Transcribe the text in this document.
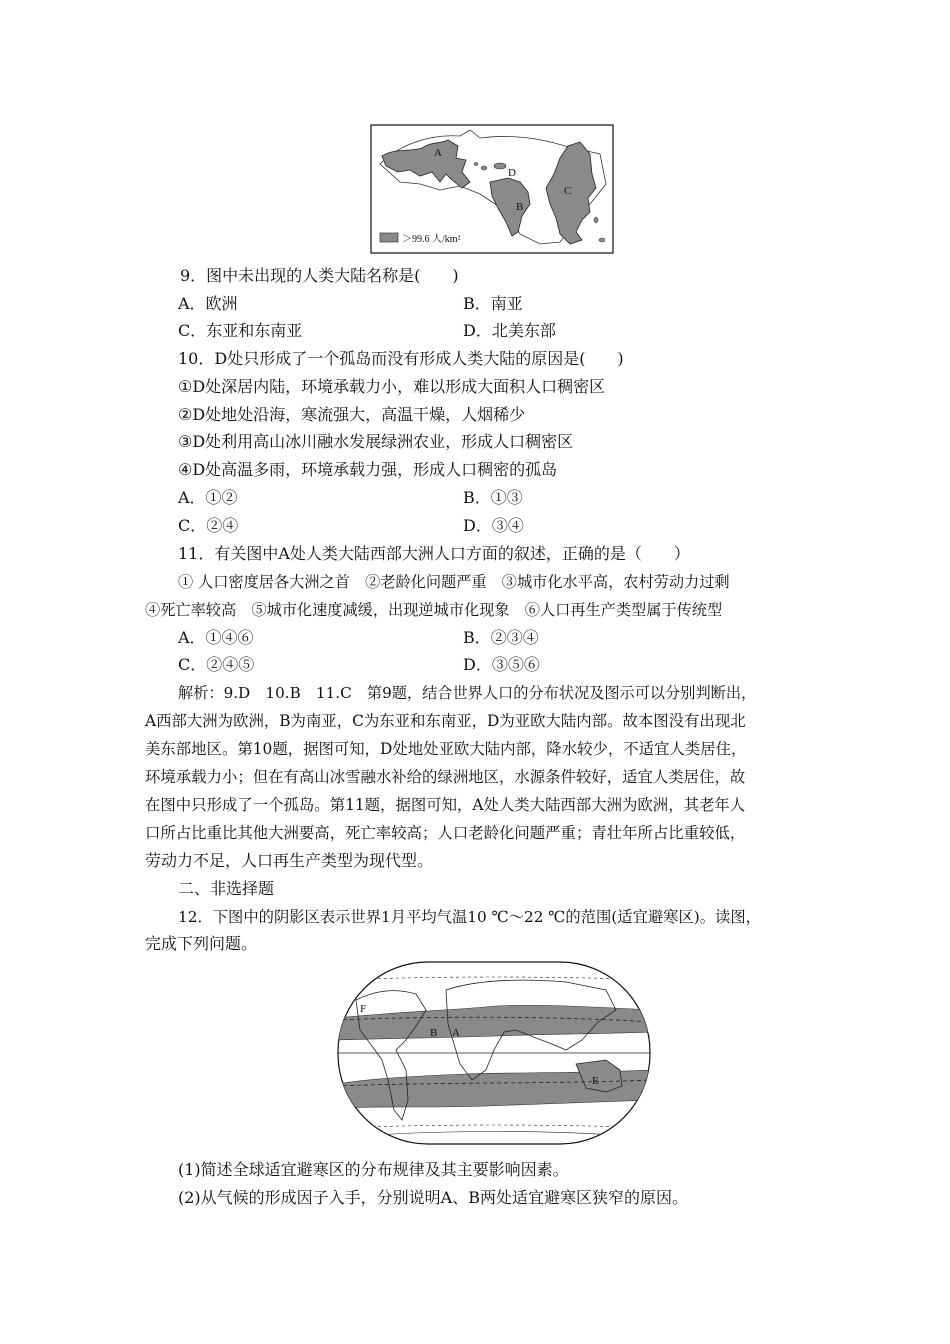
A
D
B
C
＞99.6 人/km²
9．图中未出现的人类大陆名称是(　　)
A．欧洲	B．南亚
C．东亚和东南亚	D．北美东部
10．D处只形成了一个孤岛而没有形成人类大陆的原因是(　　)
①D处深居内陆，环境承载力小，难以形成大面积人口稠密区
②D处地处沿海，寒流强大，高温干燥，人烟稀少
③D处利用高山冰川融水发展绿洲农业，形成人口稠密区
④D处高温多雨，环境承载力强，形成人口稠密的孤岛
A．①②	B．①③
C．②④	D．③④
11．有关图中A处人类大陆西部大洲人口方面的叙述，正确的是（　　）
① 人口密度居各大洲之首　②老龄化问题严重　③城市化水平高，农村劳动力过剩
④死亡率较高　⑤城市化速度减缓，出现逆城市化现象　⑥人口再生产类型属于传统型
A．①④⑥	B．②③④
C．②④⑤	D．③⑤⑥
解析：9.D　10.B　11.C　第9题，结合世界人口的分布状况及图示可以分别判断出，
A西部大洲为欧洲，B为南亚，C为东亚和东南亚，D为亚欧大陆内部。故本图没有出现北
美东部地区。第10题，据图可知，D处地处亚欧大陆内部，降水较少，不适宜人类居住，
环境承载力小；但在有高山冰雪融水补给的绿洲地区，水源条件较好，适宜人类居住，故
在图中只形成了一个孤岛。第11题，据图可知，A处人类大陆西部大洲为欧洲，其老年人
口所占比重比其他大洲要高，死亡率较高；人口老龄化问题严重；青壮年所占比重较低，
劳动力不足，人口再生产类型为现代型。
二、非选择题
12．下图中的阴影区表示世界1月平均气温10 ℃～22 ℃的范围(适宜避寒区)。读图，
完成下列问题。
F
B A
E
(1)简述全球适宜避寒区的分布规律及其主要影响因素。
(2)从气候的形成因子入手，分别说明A、B两处适宜避寒区狭窄的原因。
